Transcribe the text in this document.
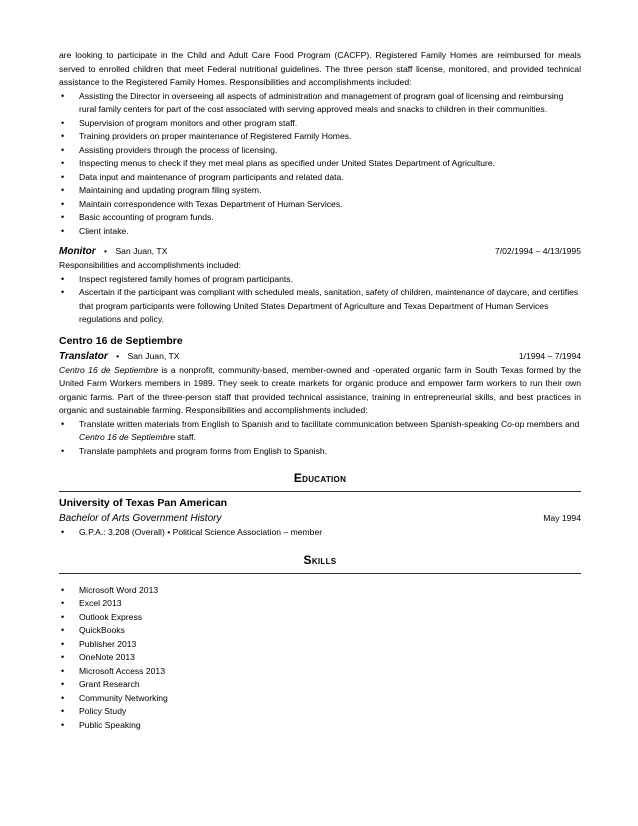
are looking to participate in the Child and Adult Care Food Program (CACFP). Registered Family Homes are reimbursed for meals served to enrolled children that meet Federal nutritional guidelines. The three person staff license, monitored, and provided technical assistance to the Registered Family Homes. Responsibilities and accomplishments included:

• Assisting the Director in overseeing all aspects of administration and management of program goal of licensing and reimbursing rural family centers for part of the cost associated with serving approved meals and snacks to children in their communities.
• Supervision of program monitors and other program staff.
• Training providers on proper maintenance of Registered Family Homes.
• Assisting providers through the process of licensing.
• Inspecting menus to check if they met meal plans as specified under United States Department of Agriculture.
• Data input and maintenance of program participants and related data.
• Maintaining and updating program filing system.
• Maintain correspondence with Texas Department of Human Services.
• Basic accounting of program funds.
• Client intake.
Monitor • San Juan, TX	7/02/1994 – 4/13/1995

Responsibilities and accomplishments included:

• Inspect registered family homes of program participants.
• Ascertain if the participant was compliant with scheduled meals, sanitation, safety of children, maintenance of daycare, and certifies that program participants were following United States Department of Agriculture and Texas Department of Human Services regulations and policy.
Centro 16 de Septiembre
Translator • San Juan, TX	1/1994 – 7/1994

Centro 16 de Septiembre is a nonprofit, community-based, member-owned and -operated organic farm in South Texas formed by the United Farm Workers members in 1989. They seek to create markets for organic produce and empower farm workers to run their own organic farms. Part of the three-person staff that provided technical assistance, training in entrepreneurial skills, and best practices in organic and sustainable farming. Responsibilities and accomplishments included:

• Translate written materials from English to Spanish and to facilitate communication between Spanish-speaking Co-op members and Centro 16 de Septiembre staff.
• Translate pamphlets and program forms from English to Spanish.
Education
University of Texas Pan American
Bachelor of Arts Government History	May 1994
• G.P.A.: 3.208 (Overall) • Political Science Association – member
Skills
• Microsoft Word 2013
• Excel 2013
• Outlook Express
• QuickBooks
• Publisher 2013
• OneNote 2013
• Microsoft Access 2013
• Grant Research
• Community Networking
• Policy Study
• Public Speaking
